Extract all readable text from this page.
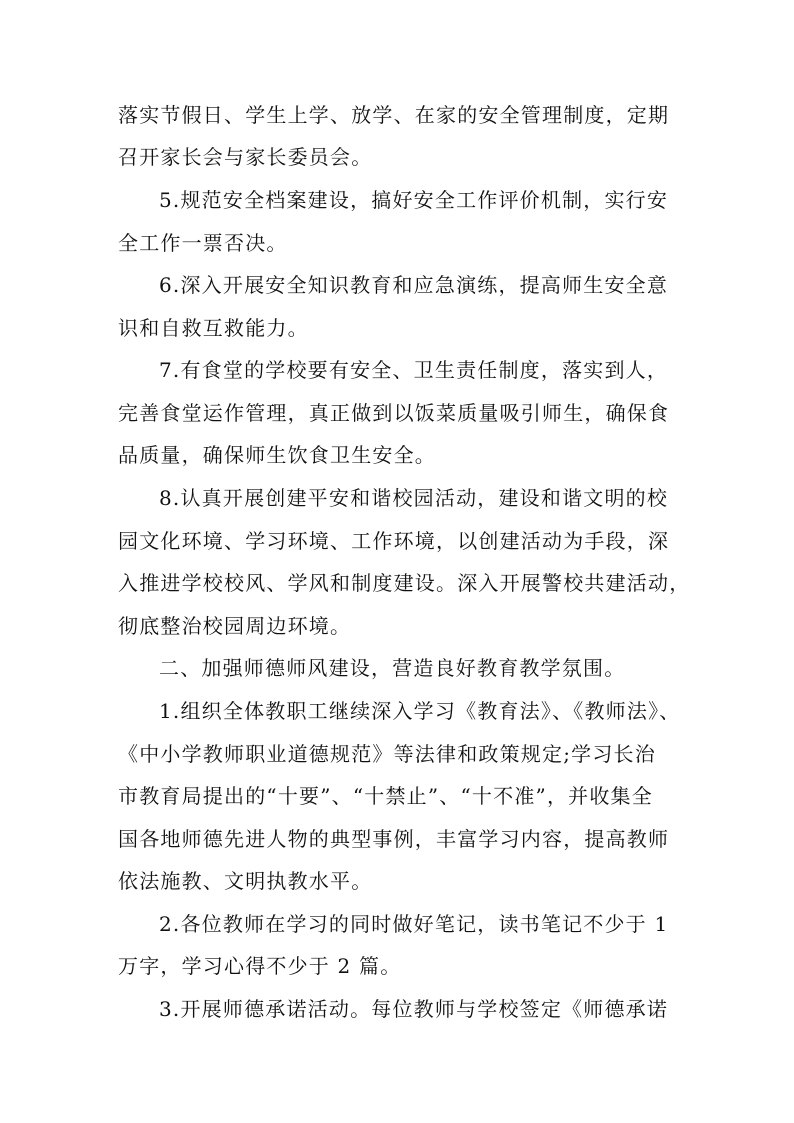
落实节假日、学生上学、放学、在家的安全管理制度，定期
召开家长会与家长委员会。
5.规范安全档案建设，搞好安全工作评价机制，实行安
全工作一票否决。
6.深入开展安全知识教育和应急演练，提高师生安全意
识和自救互救能力。
7.有食堂的学校要有安全、卫生责任制度，落实到人，
完善食堂运作管理，真正做到以饭菜质量吸引师生，确保食
品质量，确保师生饮食卫生安全。
8.认真开展创建平安和谐校园活动，建设和谐文明的校
园文化环境、学习环境、工作环境，以创建活动为手段，深
入推进学校校风、学风和制度建设。深入开展警校共建活动，
彻底整治校园周边环境。
二、加强师德师风建设，营造良好教育教学氛围。
1.组织全体教职工继续深入学习《教育法》、《教师法》、
《中小学教师职业道德规范》等法律和政策规定;学习长治
市教育局提出的“十要”、“十禁止”、“十不准”，并收集全
国各地师德先进人物的典型事例，丰富学习内容，提高教师
依法施教、文明执教水平。
2.各位教师在学习的同时做好笔记，读书笔记不少于 1
万字，学习心得不少于 2 篇。
3.开展师德承诺活动。每位教师与学校签定《师德承诺
